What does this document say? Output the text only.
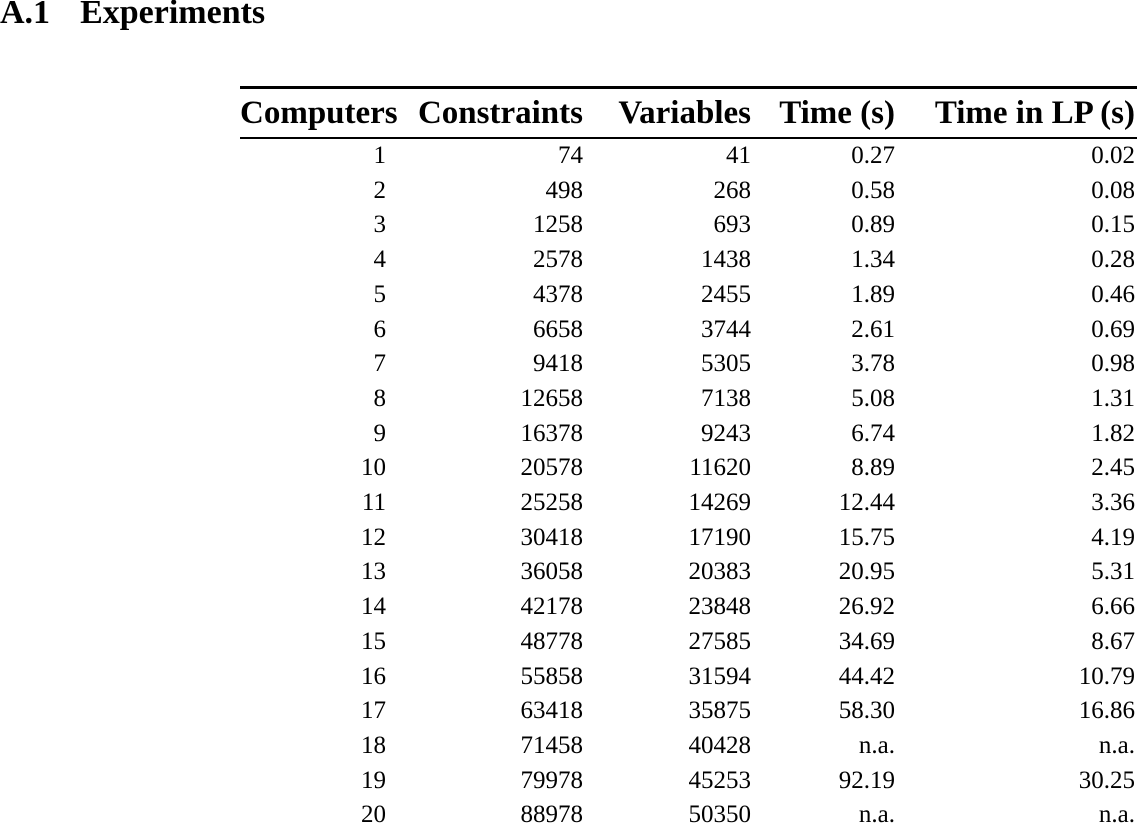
A.1 Experiments
Computers	Constraints	Variables	Time (s)	Time in LP (s)
1	74	41	0.27	0.02
2	498	268	0.58	0.08
3	1258	693	0.89	0.15
4	2578	1438	1.34	0.28
5	4378	2455	1.89	0.46
6	6658	3744	2.61	0.69
7	9418	5305	3.78	0.98
8	12658	7138	5.08	1.31
9	16378	9243	6.74	1.82
10	20578	11620	8.89	2.45
11	25258	14269	12.44	3.36
12	30418	17190	15.75	4.19
13	36058	20383	20.95	5.31
14	42178	23848	26.92	6.66
15	48778	27585	34.69	8.67
16	55858	31594	44.42	10.79
17	63418	35875	58.30	16.86
18	71458	40428	n.a.	n.a.
19	79978	45253	92.19	30.25
20	88978	50350	n.a.	n.a.
